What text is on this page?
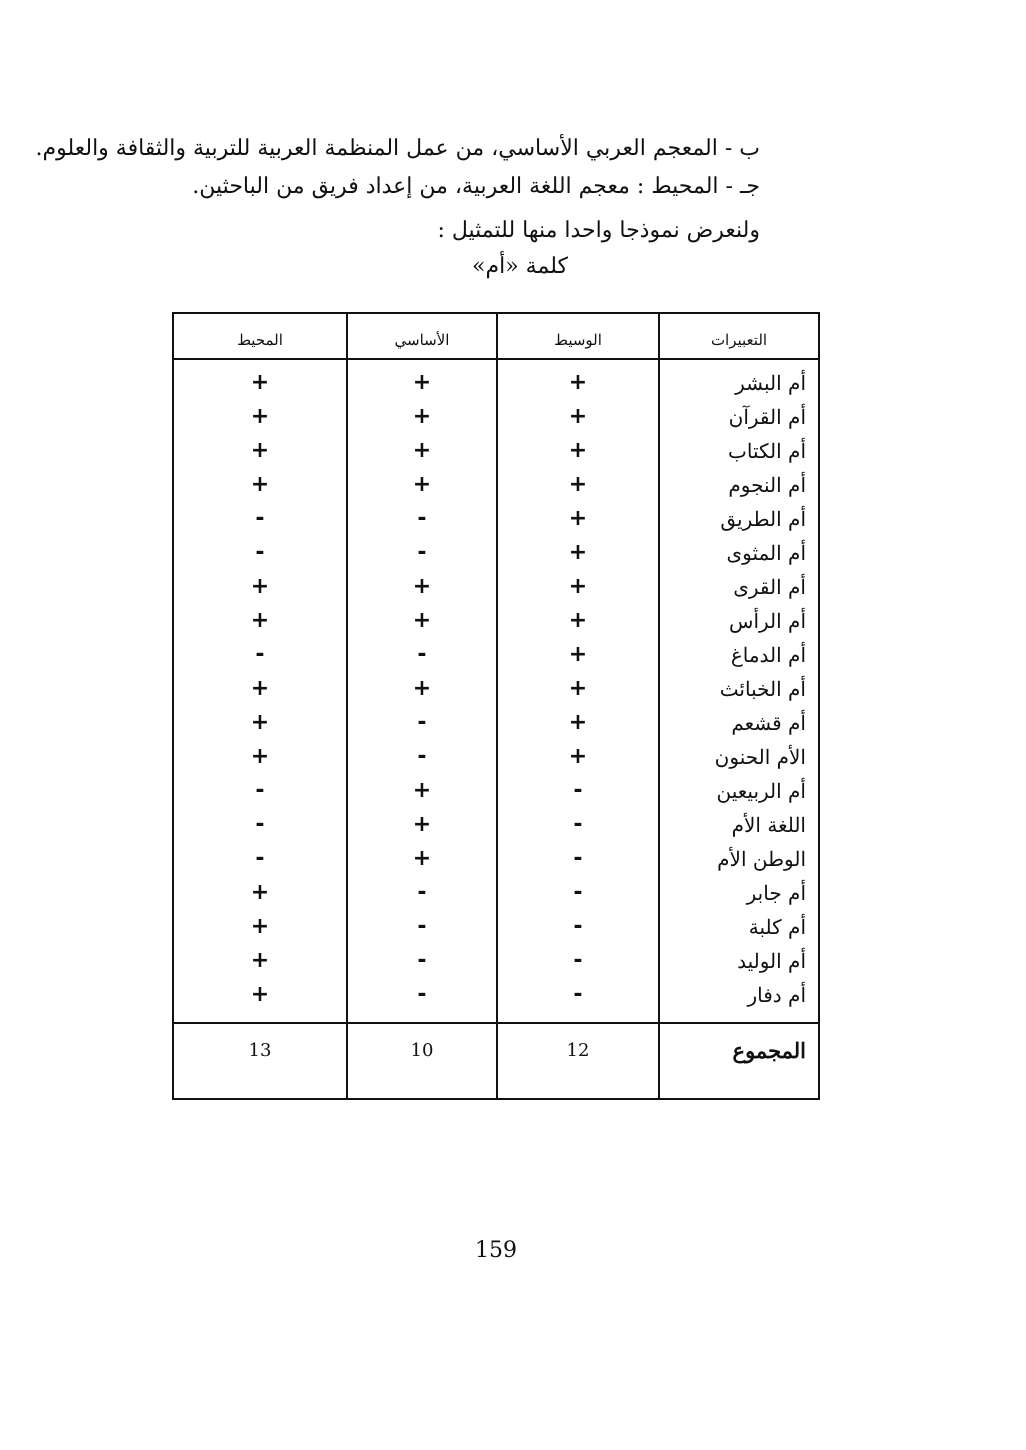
ب - المعجم العربي الأساسي، من عمل المنظمة العربية للتربية والثقافة والعلوم.
جـ - المحيط : معجم اللغة العربية، من إعداد فريق من الباحثين.
ولنعرض نموذجا واحدا منها للتمثيل :
كلمة «أم»
التعبيرات
الوسيط
الأساسي
المحيط
أم البشر
+
+
+
أم القرآن
+
+
+
أم الكتاب
+
+
+
أم النجوم
+
+
+
أم الطريق
+
-
-
أم المثوى
+
-
-
أم القرى
+
+
+
أم الرأس
+
+
+
أم الدماغ
+
-
-
أم الخبائث
+
+
+
أم قشعم
+
-
+
الأم الحنون
+
-
+
أم الربيعين
-
+
-
اللغة الأم
-
+
-
الوطن الأم
-
+
-
أم جابر
-
-
+
أم كلبة
-
-
+
أم الوليد
-
-
+
أم دفار
-
-
+
المجموع
12
10
13
159
